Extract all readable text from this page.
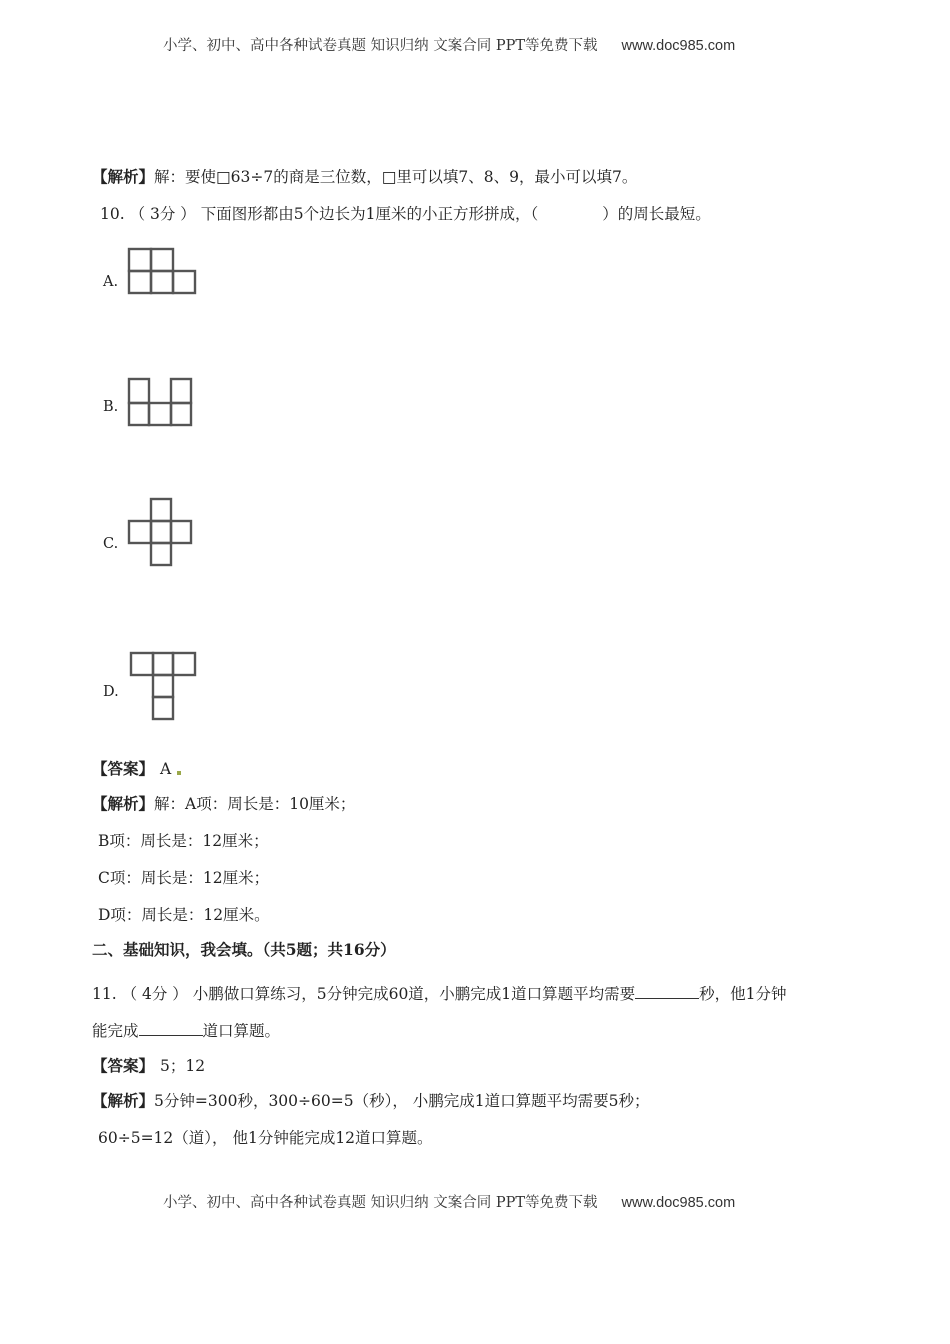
小学、初中、高中各种试卷真题 知识归纳 文案合同 PPT等免费下载 www.doc985.com
【解析】解：要使□63÷7的商是三位数，□里可以填7、8、9，最小可以填7。
10. （ 3分 ） 下面图形都由5个边长为1厘米的小正方形拼成，（	）的周长最短。
A.
B.
C.
D.
【答案】 A
【解析】解：A项：周长是：10厘米；
B项：周长是：12厘米；
C项：周长是：12厘米；
D项：周长是：12厘米。
二、基础知识，我会填。（共5题；共16分）
11. （ 4分 ） 小鹏做口算练习，5分钟完成60道，小鹏完成1道口算题平均需要	秒，他1分钟
能完成	道口算题。
【答案】 5；12
【解析】5分钟=300秒，300÷60=5（秒）， 小鹏完成1道口算题平均需要5秒；
60÷5=12（道）， 他1分钟能完成12道口算题。
小学、初中、高中各种试卷真题 知识归纳 文案合同 PPT等免费下载 www.doc985.com
